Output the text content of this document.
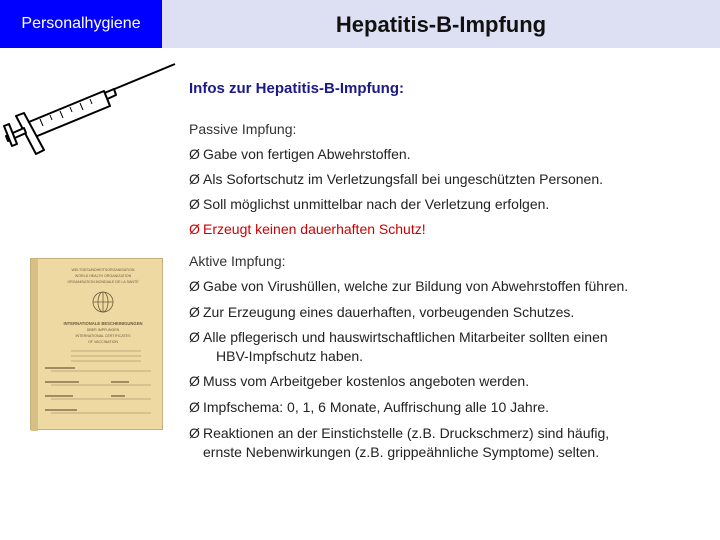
Personalhygiene	Hepatitis-B-Impfung
WELTGESUNDHEITSORGANISATION
WORLD HEALTH ORGANIZATION
ORGANISATION MONDIALE DE LA SANTÉ
INTERNATIONALE BESCHEINIGUNGEN
ÜBER IMPFUNGEN
INTERNATIONAL CERTIFICATES
OF VACCINATION
Infos zur Hepatitis-B-Impfung:
Passive Impfung:
Ø Gabe von fertigen Abwehrstoffen.
Ø Als Sofortschutz im Verletzungsfall bei ungeschützten Personen.
Ø Soll möglichst unmittelbar nach der Verletzung erfolgen.
Ø Erzeugt keinen dauerhaften Schutz!
Aktive Impfung:
Ø Gabe von Virushüllen, welche zur Bildung von Abwehrstoffen führen.
Ø Zur Erzeugung eines dauerhaften, vorbeugenden Schutzes.
Ø Alle pflegerisch und hauswirtschaftlichen Mitarbeiter sollten einen
HBV-Impfschutz haben.
Ø Muss vom Arbeitgeber kostenlos angeboten werden.
Ø Impfschema: 0, 1, 6 Monate, Auffrischung alle 10 Jahre.
Ø Reaktionen an der Einstichstelle (z.B. Druckschmerz) sind häufig,
ernste Nebenwirkungen (z.B. grippeähnliche Symptome) selten.
